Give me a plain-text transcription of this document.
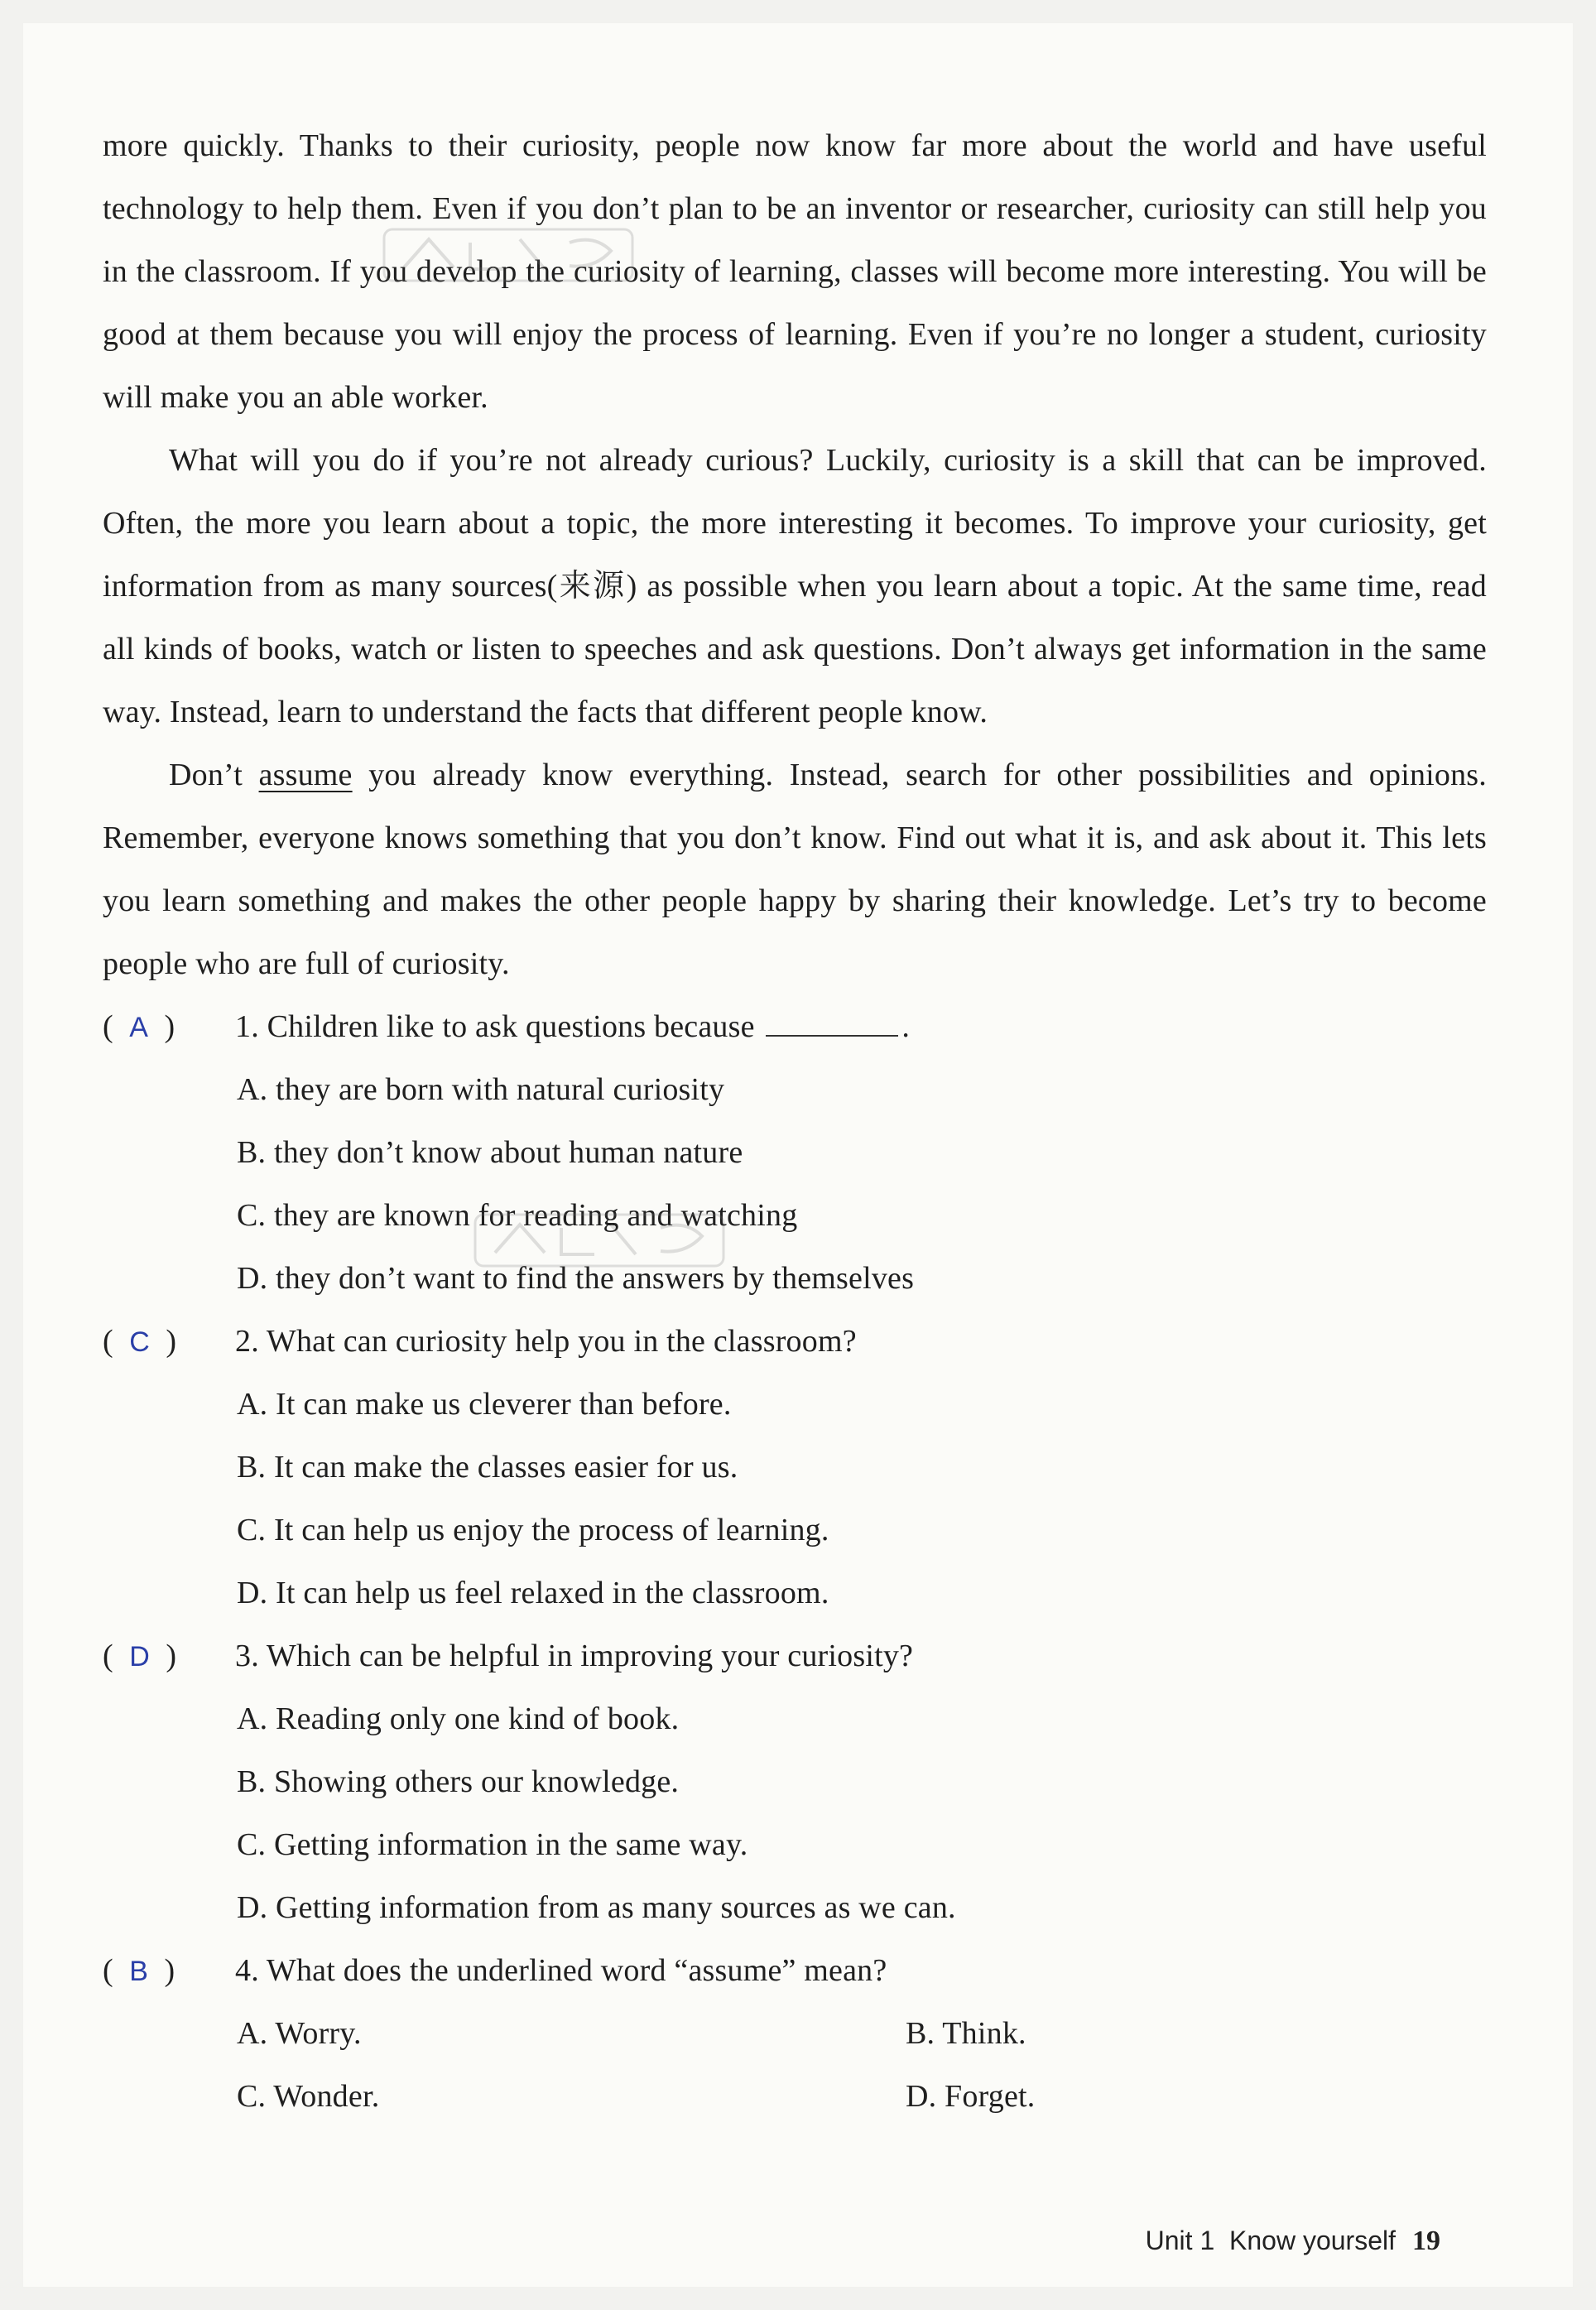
more quickly. Thanks to their curiosity, people now know far more about the world and have useful technology to help them. Even if you don’t plan to be an inventor or researcher, curiosity can still help you in the classroom. If you develop the curiosity of learning, classes will become more interesting. You will be good at them because you will enjoy the process of learning. Even if you’re no longer a student, curiosity will make you an able worker.

What will you do if you’re not already curious? Luckily, curiosity is a skill that can be improved. Often, the more you learn about a topic, the more interesting it becomes. To improve your curiosity, get information from as many sources(来源) as possible when you learn about a topic. At the same time, read all kinds of books, watch or listen to speeches and ask questions. Don’t always get information in the same way. Instead, learn to understand the facts that different people know.

Don’t assume you already know everything. Instead, search for other possibilities and opinions. Remember, everyone knows something that you don’t know. Find out what it is, and ask about it. This lets you learn something and makes the other people happy by sharing their knowledge. Let’s try to become people who are full of curiosity.

(  A  ) 1. Children like to ask questions because	.
A. they are born with natural curiosity
B. they don’t know about human nature
C. they are known for reading and watching
D. they don’t want to find the answers by themselves
(  C  ) 2. What can curiosity help you in the classroom?
A. It can make us cleverer than before.
B. It can make the classes easier for us.
C. It can help us enjoy the process of learning.
D. It can help us feel relaxed in the classroom.
(  D  ) 3. Which can be helpful in improving your curiosity?
A. Reading only one kind of book.
B. Showing others our knowledge.
C. Getting information in the same way.
D. Getting information from as many sources as we can.
(  B  ) 4. What does the underlined word “assume” mean?
A. Worry.	B. Think.
C. Wonder.	D. Forget.
Unit 1 Know yourself 19
